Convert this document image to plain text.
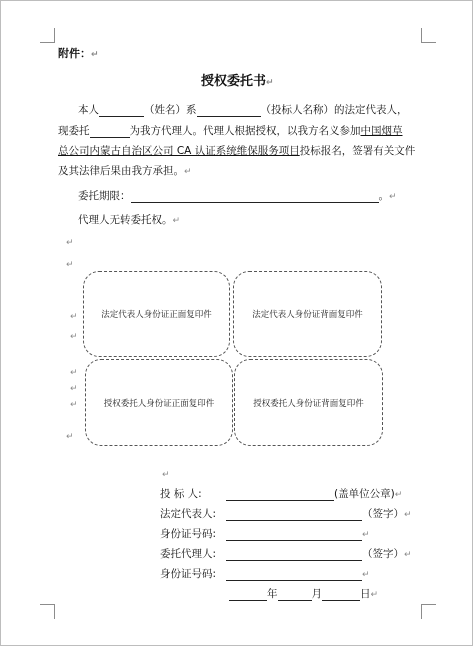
附件：↵
授权委托书↵
本人	（姓名）系	（投标人名称）的法定代表人，
现委托	为我方代理人。代理人根据授权，以我方名义参加中国烟草
总公司内蒙古自治区公司 CA 认证系统维保服务项目投标报名，签署有关文件
及其法律后果由我方承担。↵
委托期限：	。↵
代理人无转委托权。↵
↵
↵
↵
↵
↵
↵
↵
↵
↵
法定代表人身份证正面复印件	法定代表人身份证背面复印件
授权委托人身份证正面复印件	授权委托人身份证背面复印件
投 标 人:	(盖单位公章)↵
法定代表人:	（签字）↵
身份证号码:	↵
委托代理人:	（签字）↵
身份证号码:	↵
年	月	日↵
